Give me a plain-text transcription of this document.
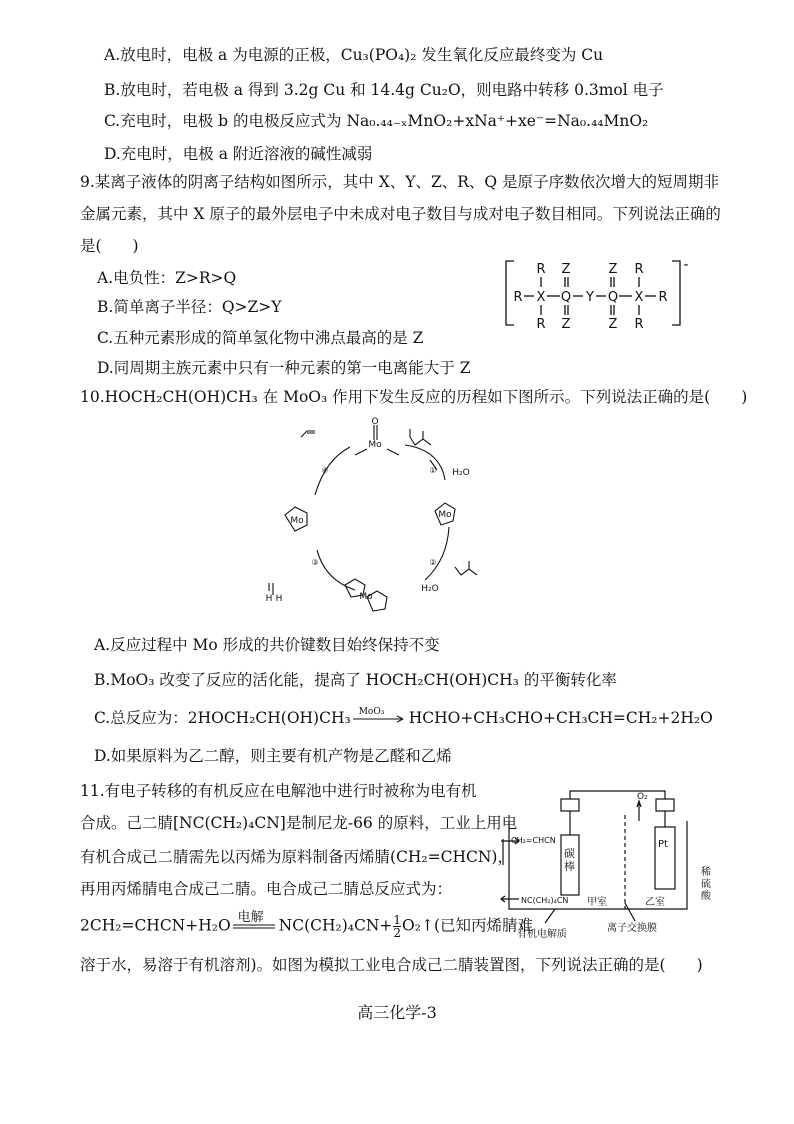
A.放电时，电极 a 为电源的正极，Cu₃(PO₄)₂ 发生氧化反应最终变为 Cu
B.放电时，若电极 a 得到 3.2g Cu 和 14.4g Cu₂O，则电路中转移 0.3mol 电子
C.充电时，电极 b 的电极反应式为 Na₀.₄₄₋ₓMnO₂+xNa⁺+xe⁻=Na₀.₄₄MnO₂
D.充电时，电极 a 附近溶液的碱性减弱
9.某离子液体的阴离子结构如图所示，其中 X、Y、Z、R、Q 是原子序数依次增大的短周期非
金属元素，其中 X 原子的最外层电子中未成对电子数目与成对电子数目相同。下列说法正确的
是(　　)
A.电负性：Z>R>Q
B.简单离子半径：Q>Z>Y
C.五种元素形成的简单氢化物中沸点最高的是 Z
D.同周期主族元素中只有一种元素的第一电离能大于 Z
R X Q Y Q X R
R Z	Z R
R Z	Z R
-
10.HOCH₂CH(OH)CH₃ 在 MoO₃ 作用下发生反应的历程如下图所示。下列说法正确的是(　　)
Mo
O
① H₂O
②
H₂O
③
④
Mo
Mo
Mo
H H
A.反应过程中 Mo 形成的共价键数目始终保持不变
B.MoO₃ 改变了反应的活化能，提高了 HOCH₂CH(OH)CH₃ 的平衡转化率
C.总反应为：2HOCH₂CH(OH)CH₃ MoO₃ HCHO+CH₃CHO+CH₃CH=CH₂+2H₂O
D.如果原料为乙二醇，则主要有机产物是乙醛和乙烯
11.有电子转移的有机反应在电解池中进行时被称为电有机
合成。己二腈[NC(CH₂)₄CN]是制尼龙-66 的原料，工业上用电
有机合成己二腈需先以丙烯为原料制备丙烯腈(CH₂=CHCN)，
再用丙烯腈电合成己二腈。电合成己二腈总反应式为：
2CH₂=CHCN+H₂O 电解 $NC(CH_2)_4CN+ \frac{1}{2}$ O₂↑(已知丙烯腈难
溶于水，易溶于有机溶剂)。如图为模拟工业电合成己二腈装置图，下列说法正确的是(　　)
O₂
CH₂=CHCN
碳棒
Pt
NC(CH₂)₄CN 甲室	乙室
有机电解质
离子交换膜
稀硫酸
高三化学-3
